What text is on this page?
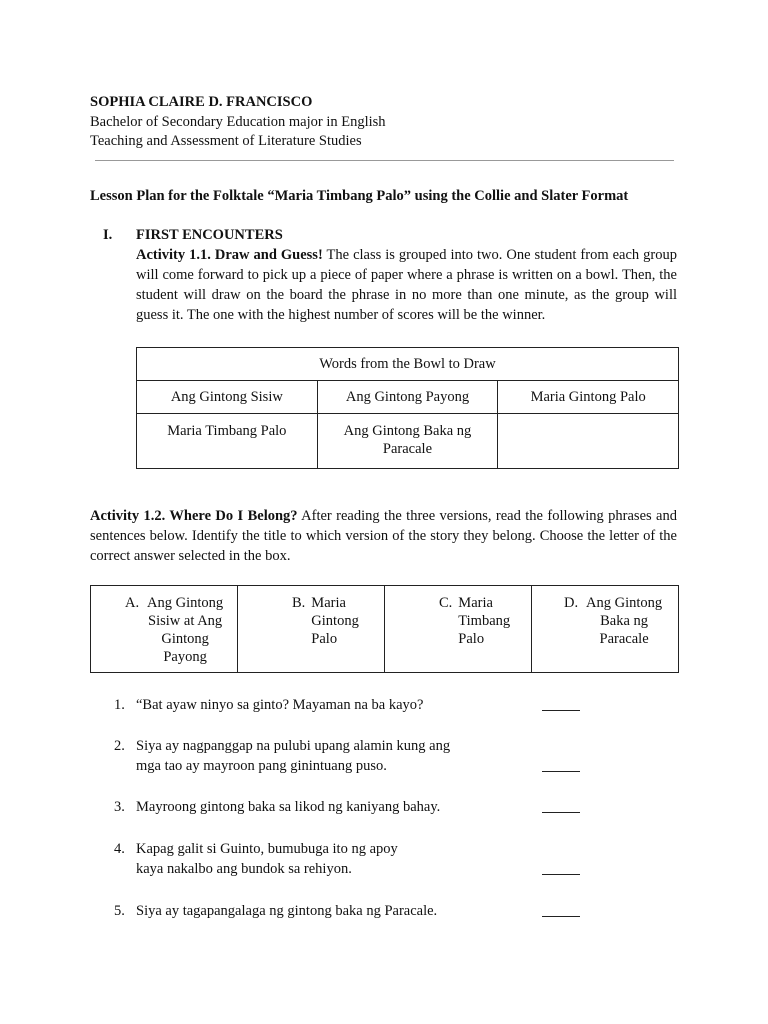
SOPHIA CLAIRE D. FRANCISCO
Bachelor of Secondary Education major in English
Teaching and Assessment of Literature Studies
Lesson Plan for the Folktale “Maria Timbang Palo” using the Collie and Slater Format
I. FIRST ENCOUNTERS
Activity 1.1. Draw and Guess! The class is grouped into two. One student from each group will come forward to pick up a piece of paper where a phrase is written on a bowl. Then, the student will draw on the board the phrase in no more than one minute, as the group will guess it. The one with the highest number of scores will be the winner.
Words from the Bowl to Draw		
Ang Gintong Sisiw	Ang Gintong Payong	Maria Gintong Palo
Maria Timbang Palo	Ang Gintong Baka ng Paracale	
Activity 1.2. Where Do I Belong? After reading the three versions, read the following phrases and sentences below. Identify the title to which version of the story they belong. Choose the letter of the correct answer selected in the box.
A. Ang Gintong Sisiw at Ang Gintong Payong

B. Maria Gintong Palo

C. Maria Timbang Palo

D. Ang Gintong Baka ng Paracale
1. “Bat ayaw ninyo sa ginto? Mayaman na ba kayo?
2. Siya ay nagpanggap na pulubi upang alamin kung ang mga tao ay mayroon pang ginintuang puso.
3. Mayroong gintong baka sa likod ng kaniyang bahay.
4. Kapag galit si Guinto, bumubuga ito ng apoy kaya nakalbo ang bundok sa rehiyon.
5. Siya ay tagapangalaga ng gintong baka ng Paracale.
